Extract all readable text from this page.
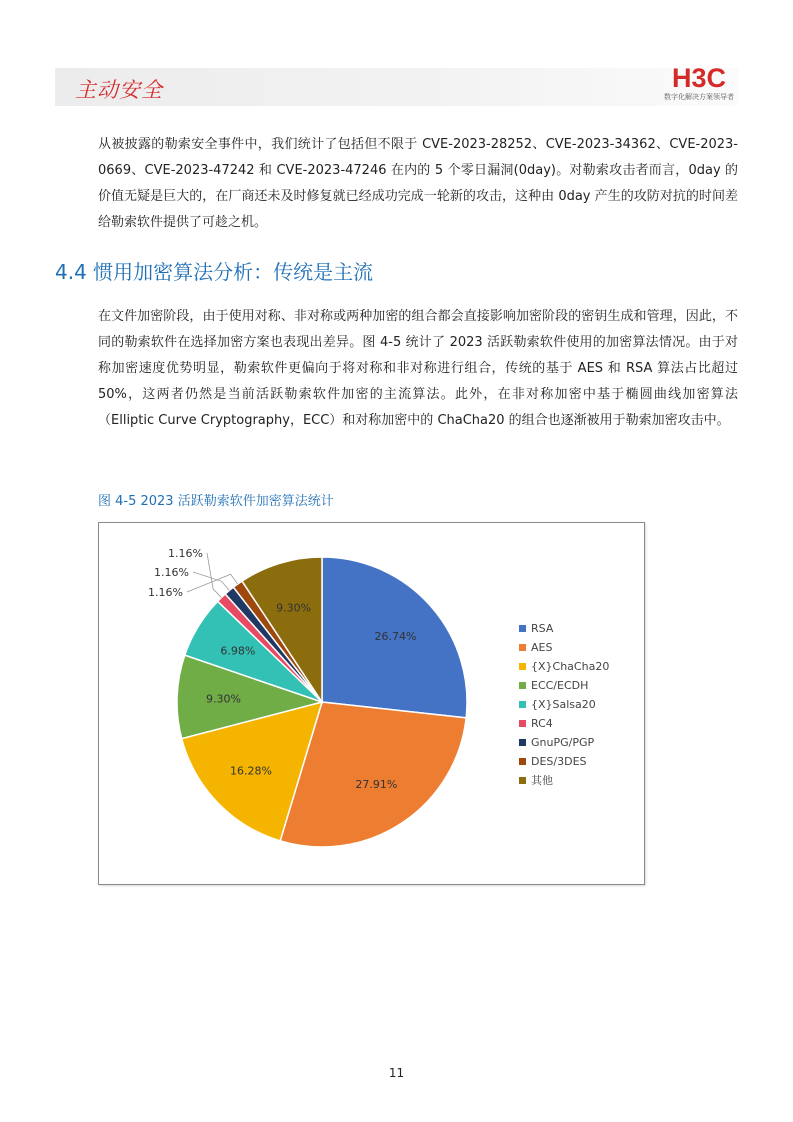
主动安全	H3C
数字化解决方案领导者
从被披露的勒索安全事件中，我们统计了包括但不限于 CVE-2023-28252、CVE-2023-34362、CVE-2023-0669、CVE-2023-47242 和 CVE-2023-47246 在内的 5 个零日漏洞(0day)。对勒索攻击者而言，0day 的价值无疑是巨大的，在厂商还未及时修复就已经成功完成一轮新的攻击，这种由 0day 产生的攻防对抗的时间差给勒索软件提供了可趁之机。
4.4 惯用加密算法分析：传统是主流
在文件加密阶段，由于使用对称、非对称或两种加密的组合都会直接影响加密阶段的密钥生成和管理，因此，不同的勒索软件在选择加密方案也表现出差异。图 4-5 统计了 2023 活跃勒索软件使用的加密算法情况。由于对称加密速度优势明显，勒索软件更偏向于将对称和非对称进行组合，传统的基于 AES 和 RSA 算法占比超过 50%，这两者仍然是当前活跃勒索软件加密的主流算法。此外，在非对称加密中基于椭圆曲线加密算法（Elliptic Curve Cryptography，ECC）和对称加密中的 ChaCha20 的组合也逐渐被用于勒索加密攻击中。
图 4-5 2023 活跃勒索软件加密算法统计
26.74%
27.91%
16.28%
9.30%
6.98%
1.16%
1.16%
1.16%
9.30%
RSA
AES
{X}ChaCha20
ECC/ECDH
{X}Salsa20
RC4
GnuPG/PGP
DES/3DES
其他
11
